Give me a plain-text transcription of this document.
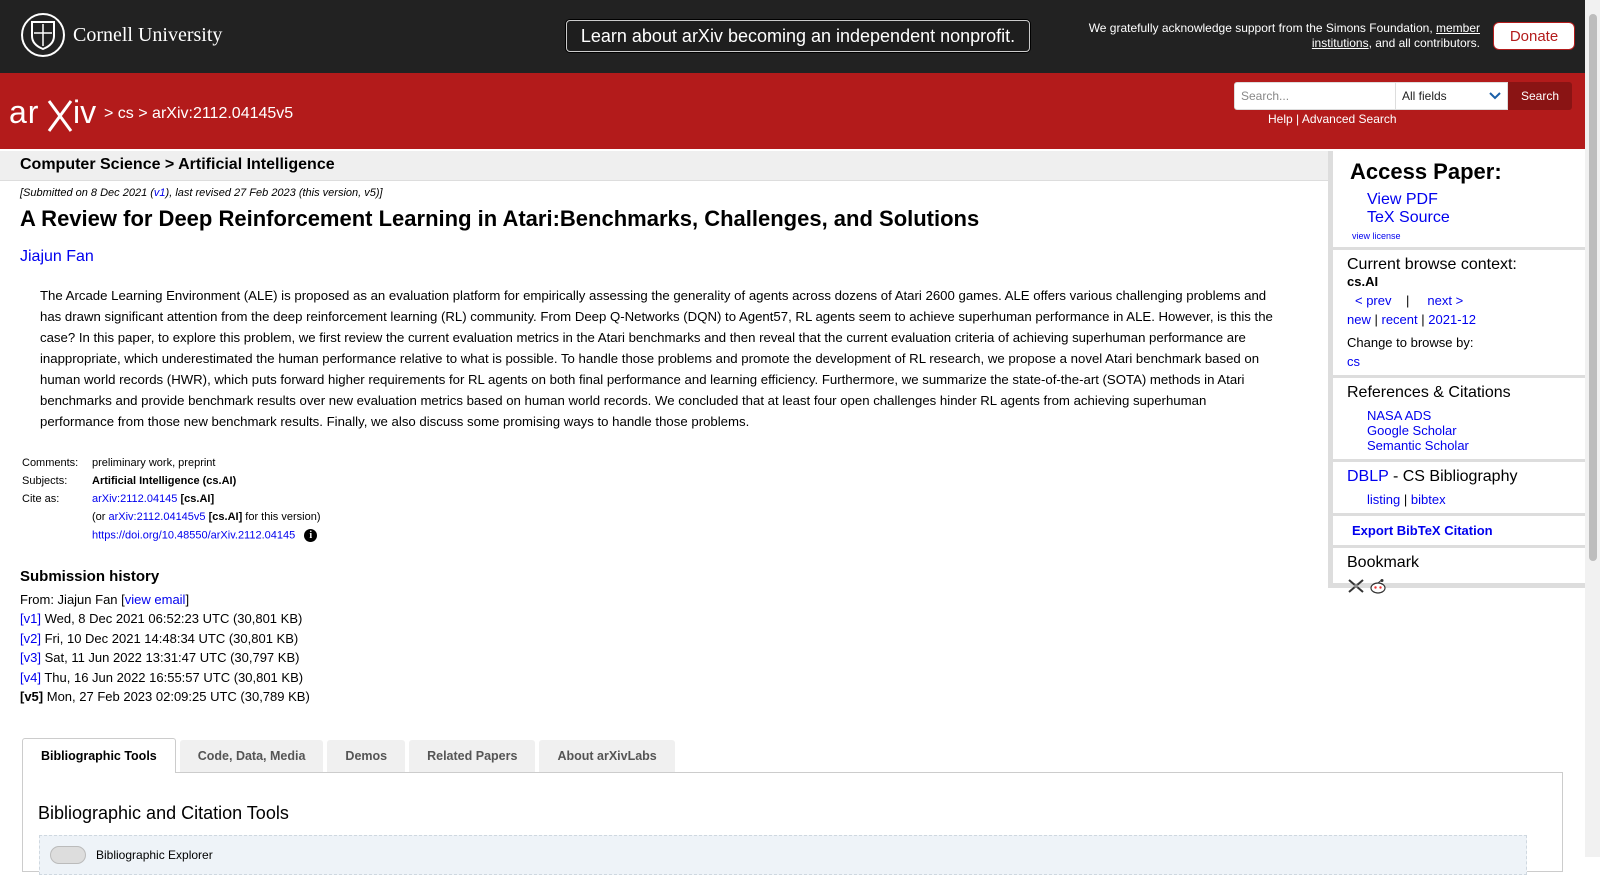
Cornell University	Learn about arXiv becoming an independent nonprofit.	We gratefully acknowledge support from the Simons Foundation, member institutions, and all contributors.	Donate
ar iv > cs > arXiv:2112.04145v5
Search...
All fields	Search
Help | Advanced Search
Computer Science > Artificial Intelligence
[Submitted on 8 Dec 2021 (v1), last revised 27 Feb 2023 (this version, v5)]
A Review for Deep Reinforcement Learning in Atari:Benchmarks, Challenges, and Solutions
Jiajun Fan

The Arcade Learning Environment (ALE) is proposed as an evaluation platform for empirically assessing the generality of agents across dozens of Atari 2600 games. ALE offers various challenging problems and has drawn significant attention from the deep reinforcement learning (RL) community. From Deep Q-Networks (DQN) to Agent57, RL agents seem to achieve superhuman performance in ALE. However, is this the case? In this paper, to explore this problem, we first review the current evaluation metrics in the Atari benchmarks and then reveal that the current evaluation criteria of achieving superhuman performance are inappropriate, which underestimated the human performance relative to what is possible. To handle those problems and promote the development of RL research, we propose a novel Atari benchmark based on human world records (HWR), which puts forward higher requirements for RL agents on both final performance and learning efficiency. Furthermore, we summarize the state-of-the-art (SOTA) methods in Atari benchmarks and provide benchmark results over new evaluation metrics based on human world records. We concluded that at least four open challenges hinder RL agents from achieving superhuman performance from those new benchmark results. Finally, we also discuss some promising ways to handle those problems.

Comments:	preliminary work, preprint
Subjects:	Artificial Intelligence (cs.AI)
Cite as:	arXiv:2112.04145 [cs.AI]
	(or arXiv:2112.04145v5 [cs.AI] for this version)
	https://doi.org/10.48550/arXiv.2112.04145 i
Submission history
From: Jiajun Fan [view email]
[v1] Wed, 8 Dec 2021 06:52:23 UTC (30,801 KB)
[v2] Fri, 10 Dec 2021 14:48:34 UTC (30,801 KB)
[v3] Sat, 11 Jun 2022 13:31:47 UTC (30,797 KB)
[v4] Thu, 16 Jun 2022 16:55:57 UTC (30,801 KB)
[v5] Mon, 27 Feb 2023 02:09:25 UTC (30,789 KB)
Access Paper:
View PDF
TeX Source
view license
Current browse context:
cs.AI
< prev | next >
new | recent | 2021-12
Change to browse by:
cs
References & Citations
NASA ADS
Google Scholar
Semantic Scholar
DBLP - CS Bibliography
listing | bibtex
Export BibTeX Citation
Bookmark
Bibliographic Tools	Code, Data, Media	Demos	Related Papers	About arXivLabs
Bibliographic and Citation Tools
Bibliographic Explorer
